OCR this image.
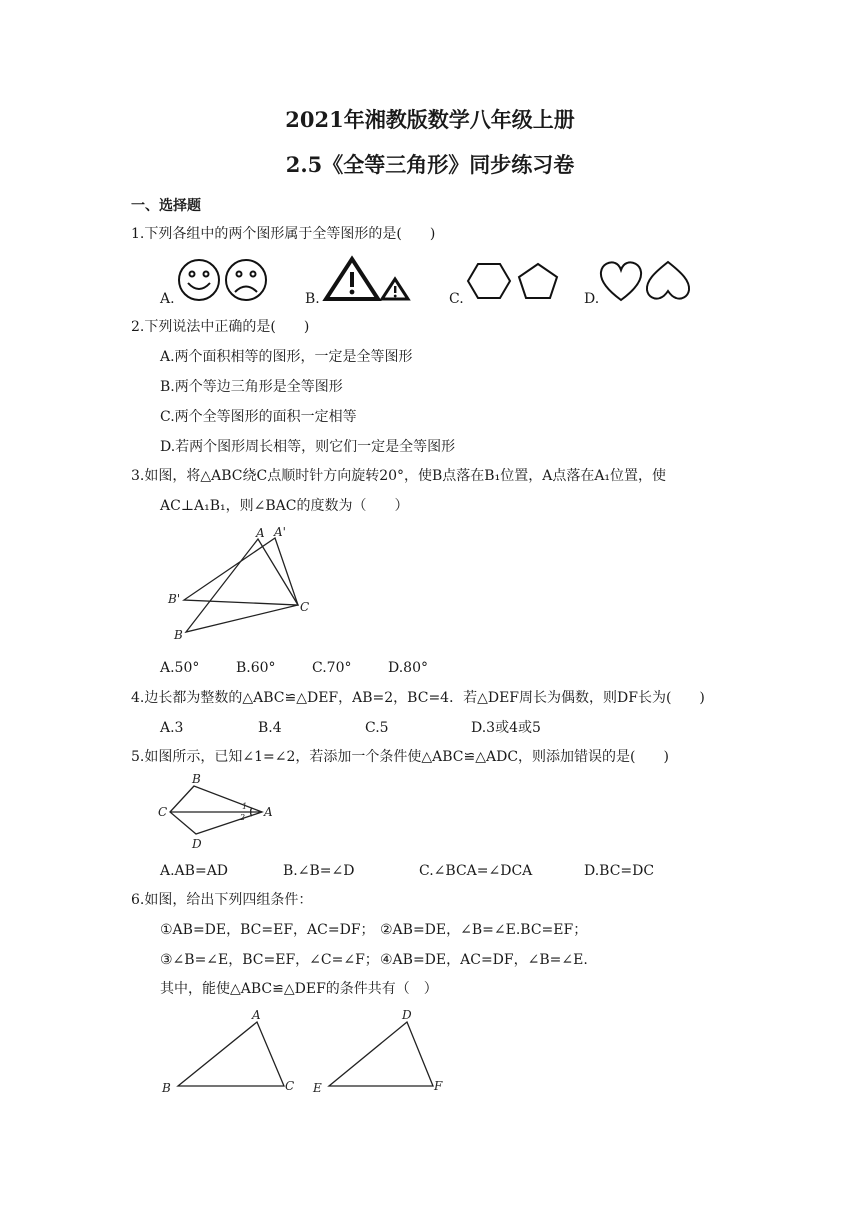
2021年湘教版数学八年级上册
2.5《全等三角形》同步练习卷
一、选择题
1.下列各组中的两个图形属于全等图形的是(　　)
A.	B.	C.	D.
2.下列说法中正确的是(　　)
A.两个面积相等的图形，一定是全等图形
B.两个等边三角形是全等图形
C.两个全等图形的面积一定相等
D.若两个图形周长相等，则它们一定是全等图形
3.如图，将△ABC绕C点顺时针方向旋转20°，使B点落在B₁位置，A点落在A₁位置，使
AC⊥A₁B₁，则∠BAC的度数为（　　）
A A'
B'
B
C
A.50°	B.60°	C.70°	D.80°
4.边长都为整数的△ABC≌△DEF，AB=2，BC=4．若△DEF周长为偶数，则DF长为(　　)
A.3	B.4	C.5	D.3或4或5
5.如图所示，已知∠1=∠2，若添加一个条件使△ABC≌△ADC，则添加错误的是(　　)
B
C	A
D
1
2
A.AB=AD	B.∠B=∠D	C.∠BCA=∠DCA	D.BC=DC
6.如图，给出下列四组条件：
①AB=DE，BC=EF，AC=DF； ②AB=DE，∠B=∠E.BC=EF；
③∠B=∠E，BC=EF，∠C=∠F； ④AB=DE，AC=DF，∠B=∠E.
其中，能使△ABC≌△DEF的条件共有（　）
A
B	C
D
E	F
